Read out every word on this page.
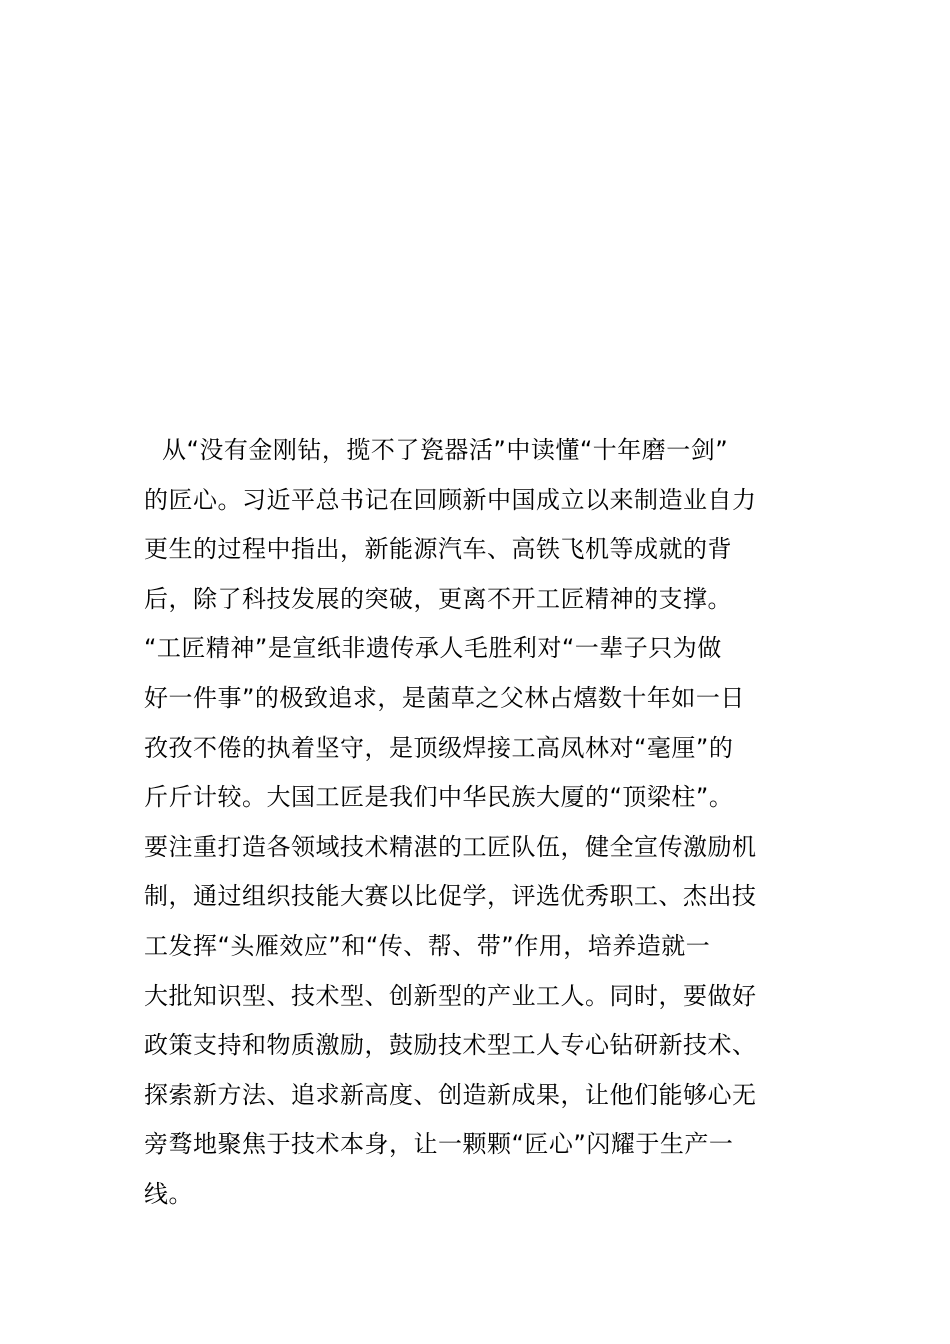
从“没有金刚钻，揽不了瓷器活”中读懂“十年磨一剑”
的匠心。习近平总书记在回顾新中国成立以来制造业自力
更生的过程中指出，新能源汽车、高铁飞机等成就的背
后，除了科技发展的突破，更离不开工匠精神的支撑。
“工匠精神”是宣纸非遗传承人毛胜利对“一辈子只为做
好一件事”的极致追求，是菌草之父林占熺数十年如一日
孜孜不倦的执着坚守，是顶级焊接工高凤林对“毫厘”的
斤斤计较。大国工匠是我们中华民族大厦的“顶梁柱”。
要注重打造各领域技术精湛的工匠队伍，健全宣传激励机
制，通过组织技能大赛以比促学，评选优秀职工、杰出技
工发挥“头雁效应”和“传、帮、带”作用，培养造就一
大批知识型、技术型、创新型的产业工人。同时，要做好
政策支持和物质激励，鼓励技术型工人专心钻研新技术、
探索新方法、追求新高度、创造新成果，让他们能够心无
旁骛地聚焦于技术本身，让一颗颗“匠心”闪耀于生产一
线。
